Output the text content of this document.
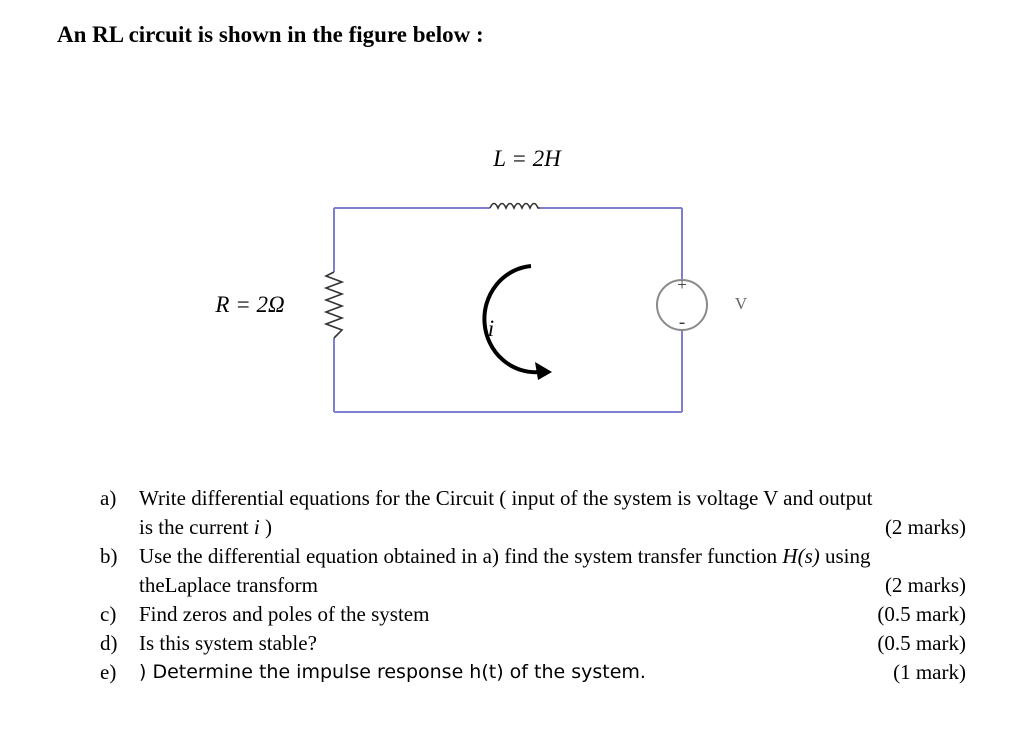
An RL circuit is shown in the figure below :
+
-
L = 2H
R = 2Ω
i
V
a) Write differential equations for the Circuit ( input of the system is voltage V and output
is the current i )	(2 marks)
b) Use the differential equation obtained in a) find the system transfer function H(s) using
theLaplace transform	(2 marks)
c) Find zeros and poles of the system	(0.5 mark)
d) Is this system stable?	(0.5 mark)
e) ) Determine the impulse response h(t) of the system.	(1 mark)
